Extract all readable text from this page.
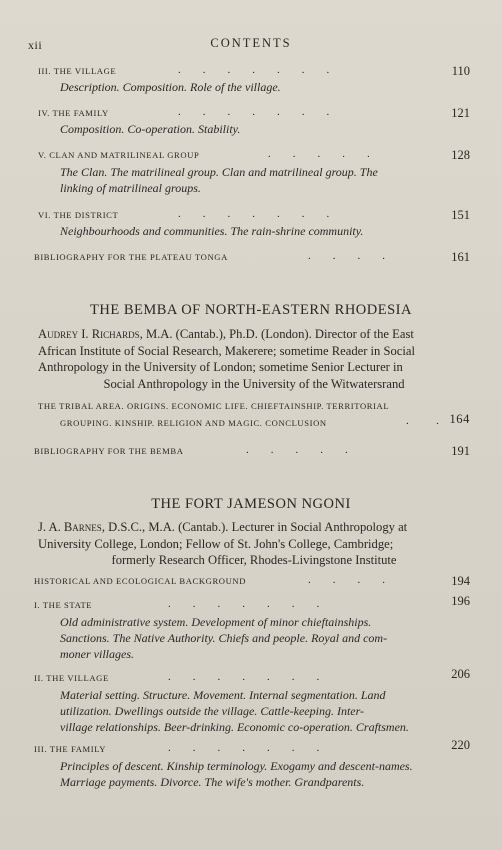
xii	CONTENTS
III. THE VILLAGE	.        .        .        .        .        .        .	110
Description. Composition. Role of the village.
IV. THE FAMILY	.        .        .        .        .        .        .	121
Composition. Co-operation. Stability.
V. CLAN AND MATRILINEAL GROUP	.        .        .        .        .	128
The Clan. The matrilineal group. Clan and matrilineal group. The
linking of matrilineal groups.
VI. THE DISTRICT	.        .        .        .        .        .        .	151
Neighbourhoods and communities. The rain-shrine community.
BIBLIOGRAPHY FOR THE PLATEAU TONGA	.        .        .        .	161
THE BEMBA OF NORTH-EASTERN RHODESIA
Audrey I. Richards, M.A. (Cantab.), Ph.D. (London). Director of the East
African Institute of Social Research, Makerere; sometime Reader in Social
Anthropology in the University of London; sometime Senior Lecturer in
Social Anthropology in the University of the Witwatersrand
THE TRIBAL AREA. ORIGINS. ECONOMIC LIFE. CHIEFTAINSHIP. TERRITORIAL
GROUPING. KINSHIP. RELIGION AND MAGIC. CONCLUSION	.        . 164
BIBLIOGRAPHY FOR THE BEMBA	.        .        .        .        .	191
THE FORT JAMESON NGONI
J. A. Barnes, D.S.C., M.A. (Cantab.). Lecturer in Social Anthropology at
University College, London; Fellow of St. John's College, Cambridge;
formerly Research Officer, Rhodes-Livingstone Institute
HISTORICAL AND ECOLOGICAL BACKGROUND	.        .        .        .	194
I. THE STATE	.        .        .        .        .        .        .	196
Old administrative system. Development of minor chieftainships.
Sanctions. The Native Authority. Chiefs and people. Royal and com-
moner villages.
II. THE VILLAGE	.        .        .        .        .        .        .	206
Material setting. Structure. Movement. Internal segmentation. Land
utilization. Dwellings outside the village. Cattle-keeping. Inter-
village relationships. Beer-drinking. Economic co-operation. Craftsmen.
III. THE FAMILY	.        .        .        .        .        .        .	220
Principles of descent. Kinship terminology. Exogamy and descent-names.
Marriage payments. Divorce. The wife's mother. Grandparents.
